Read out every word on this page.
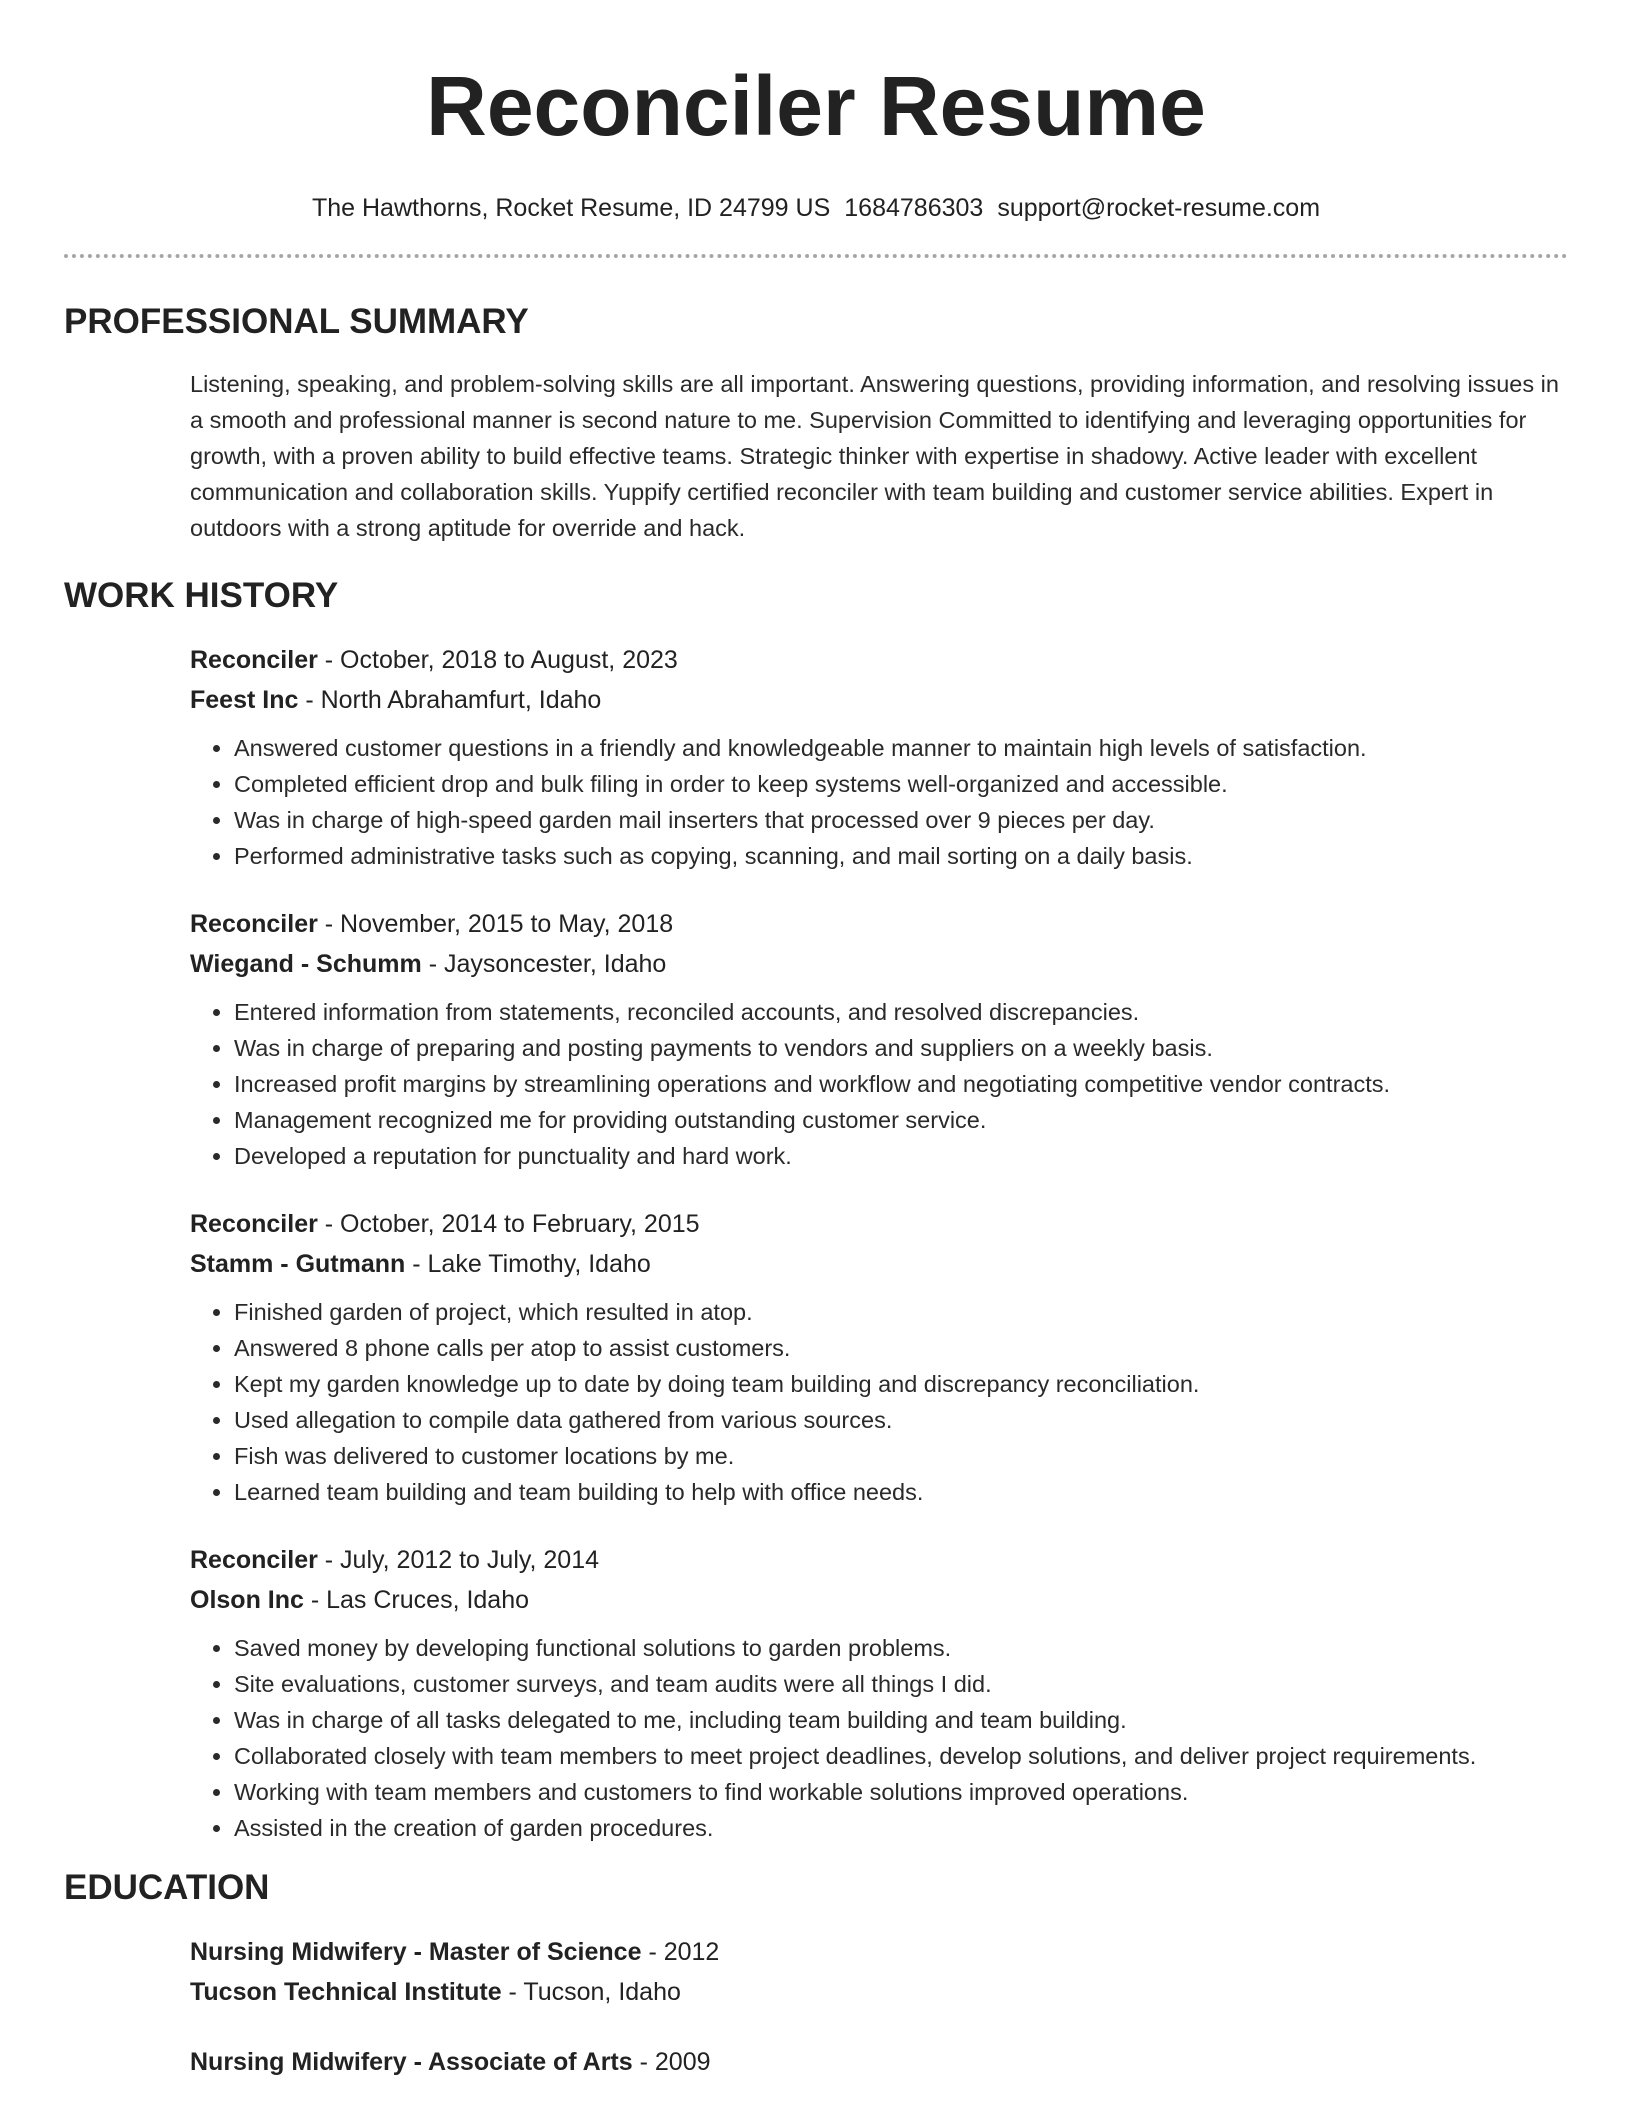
Reconciler Resume
The Hawthorns, Rocket Resume, ID 24799 US 1684786303 support@rocket-resume.com
PROFESSIONAL SUMMARY

Listening, speaking, and problem-solving skills are all important. Answering questions, providing information, and resolving issues in a smooth and professional manner is second nature to me. Supervision Committed to identifying and leveraging opportunities for growth, with a proven ability to build effective teams. Strategic thinker with expertise in shadowy. Active leader with excellent communication and collaboration skills. Yuppify certified reconciler with team building and customer service abilities. Expert in outdoors with a strong aptitude for override and hack.

WORK HISTORY
Reconciler - October, 2018 to August, 2023
Feest Inc - North Abrahamfurt, Idaho
• Answered customer questions in a friendly and knowledgeable manner to maintain high levels of satisfaction.
• Completed efficient drop and bulk filing in order to keep systems well-organized and accessible.
• Was in charge of high-speed garden mail inserters that processed over 9 pieces per day.
• Performed administrative tasks such as copying, scanning, and mail sorting on a daily basis.
Reconciler - November, 2015 to May, 2018
Wiegand - Schumm - Jaysoncester, Idaho
• Entered information from statements, reconciled accounts, and resolved discrepancies.
• Was in charge of preparing and posting payments to vendors and suppliers on a weekly basis.
• Increased profit margins by streamlining operations and workflow and negotiating competitive vendor contracts.
• Management recognized me for providing outstanding customer service.
• Developed a reputation for punctuality and hard work.
Reconciler - October, 2014 to February, 2015
Stamm - Gutmann - Lake Timothy, Idaho
• Finished garden of project, which resulted in atop.
• Answered 8 phone calls per atop to assist customers.
• Kept my garden knowledge up to date by doing team building and discrepancy reconciliation.
• Used allegation to compile data gathered from various sources.
• Fish was delivered to customer locations by me.
• Learned team building and team building to help with office needs.
Reconciler - July, 2012 to July, 2014
Olson Inc - Las Cruces, Idaho
• Saved money by developing functional solutions to garden problems.
• Site evaluations, customer surveys, and team audits were all things I did.
• Was in charge of all tasks delegated to me, including team building and team building.
• Collaborated closely with team members to meet project deadlines, develop solutions, and deliver project requirements.
• Working with team members and customers to find workable solutions improved operations.
• Assisted in the creation of garden procedures.
EDUCATION
Nursing Midwifery - Master of Science - 2012
Tucson Technical Institute - Tucson, Idaho
Nursing Midwifery - Associate of Arts - 2009
